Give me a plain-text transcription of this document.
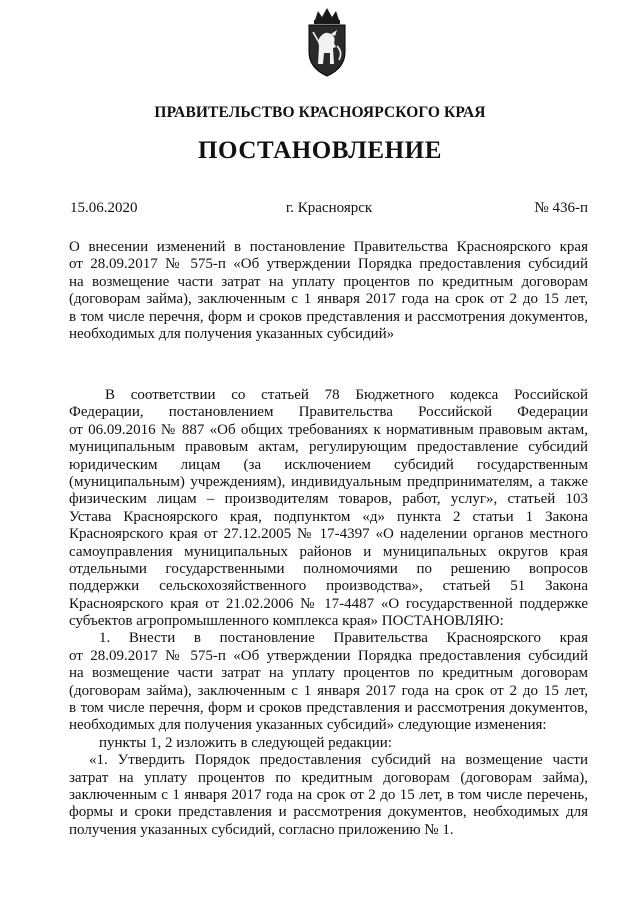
ПРАВИТЕЛЬСТВО КРАСНОЯРСКОГО КРАЯ
ПОСТАНОВЛЕНИЕ
15.06.2020	г. Красноярск	№ 436-п
О внесении изменений в постановление Правительства Красноярского края
от 28.09.2017 № 575-п «Об утверждении Порядка предоставления субсидий
на возмещение части затрат на уплату процентов по кредитным договорам
(договорам займа), заключенным с 1 января 2017 года на срок от 2 до 15 лет,
в том числе перечня, форм и сроков представления и рассмотрения документов,
необходимых для получения указанных субсидий»
В соответствии со статьей 78 Бюджетного кодекса Российской
Федерации, постановлением Правительства Российской Федерации
от 06.09.2016 № 887 «Об общих требованиях к нормативным правовым актам,
муниципальным правовым актам, регулирующим предоставление субсидий
юридическим лицам (за исключением субсидий государственным
(муниципальным) учреждениям), индивидуальным предпринимателям, а также
физическим лицам – производителям товаров, работ, услуг», статьей 103
Устава Красноярского края, подпунктом «д» пункта 2 статьи 1 Закона
Красноярского края от 27.12.2005 № 17-4397 «О наделении органов местного
самоуправления муниципальных районов и муниципальных округов края
отдельными государственными полномочиями по решению вопросов
поддержки сельскохозяйственного производства», статьей 51 Закона
Красноярского края от 21.02.2006 № 17-4487 «О государственной поддержке
субъектов агропромышленного комплекса края» ПОСТАНОВЛЯЮ:
1. Внести в постановление Правительства Красноярского края
от 28.09.2017 № 575-п «Об утверждении Порядка предоставления субсидий
на возмещение части затрат на уплату процентов по кредитным договорам
(договорам займа), заключенным с 1 января 2017 года на срок от 2 до 15 лет,
в том числе перечня, форм и сроков представления и рассмотрения документов,
необходимых для получения указанных субсидий» следующие изменения:
пункты 1, 2 изложить в следующей редакции:
«1. Утвердить Порядок предоставления субсидий на возмещение части
затрат на уплату процентов по кредитным договорам (договорам займа),
заключенным с 1 января 2017 года на срок от 2 до 15 лет, в том числе перечень,
формы и сроки представления и рассмотрения документов, необходимых для
получения указанных субсидий, согласно приложению № 1.
